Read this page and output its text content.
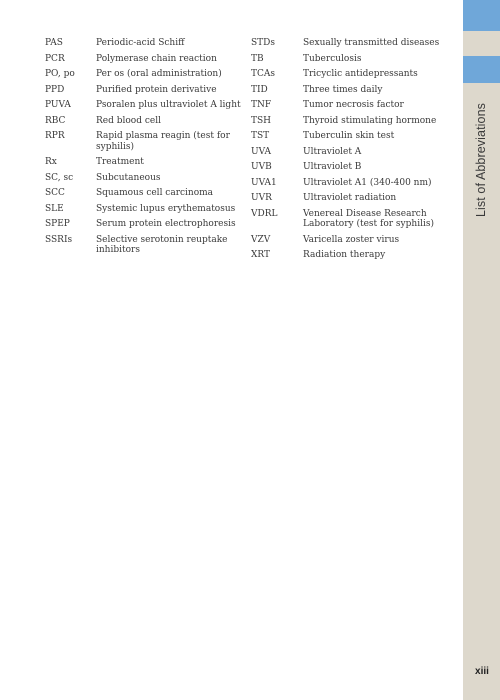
List of Abbreviations
PAS	Periodic-acid Schiff
PCR	Polymerase chain reaction
PO, po	Per os (oral administration)
PPD	Purified protein derivative
PUVA	Psoralen plus ultraviolet A light
RBC	Red blood cell
RPR	Rapid plasma reagin (test for syphilis)
Rx	Treatment
SC, sc	Subcutaneous
SCC	Squamous cell carcinoma
SLE	Systemic lupus erythematosus
SPEP	Serum protein electrophoresis
SSRIs	Selective serotonin reuptake inhibitors
STDs	Sexually transmitted diseases
TB	Tuberculosis
TCAs	Tricyclic antidepressants
TID	Three times daily
TNF	Tumor necrosis factor
TSH	Thyroid stimulating hormone
TST	Tuberculin skin test
UVA	Ultraviolet A
UVB	Ultraviolet B
UVA1	Ultraviolet A1 (340-400 nm)
UVR	Ultraviolet radiation
VDRL	Venereal Disease Research Laboratory (test for syphilis)
VZV	Varicella zoster virus
XRT	Radiation therapy
xiii
